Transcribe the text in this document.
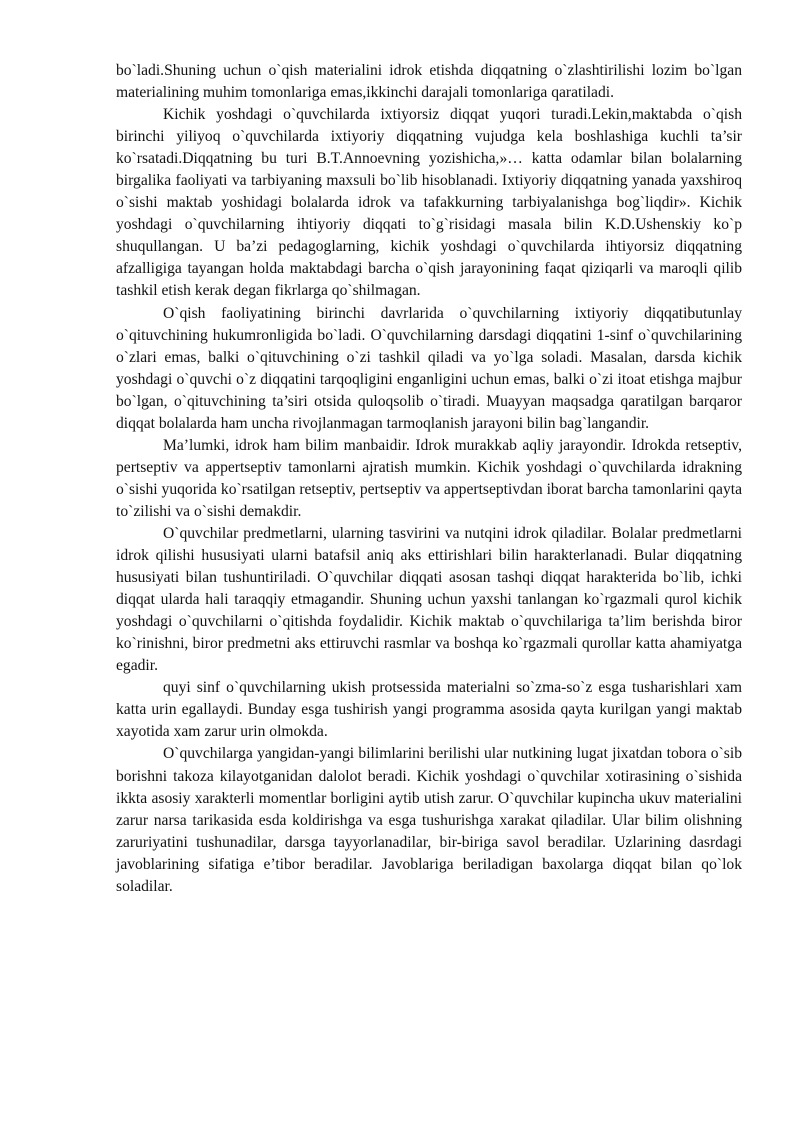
bo`ladi.Shuning uchun o`qish materialini idrok etishda diqqatning o`zlashtirilishi lozim bo`lgan materialining muhim tomonlariga emas,ikkinchi darajali tomonlariga qaratiladi.

Kichik yoshdagi o`quvchilarda ixtiyorsiz diqqat yuqori turadi.Lekin,maktabda o`qish birinchi yiliyoq o`quvchilarda ixtiyoriy diqqatning vujudga kela boshlashiga kuchli ta’sir ko`rsatadi.Diqqatning bu turi B.T.Annoevning yozishicha,»… katta odamlar bilan bolalarning birgalika faoliyati va tarbiyaning maxsuli bo`lib hisoblanadi. Ixtiyoriy diqqatning yanada yaxshiroq o`sishi maktab yoshidagi bolalarda idrok va tafakkurning tarbiyalanishga bog`liqdir». Kichik yoshdagi o`quvchilarning ihtiyoriy diqqati to`g`risidagi masala bilin K.D.Ushenskiy ko`p shuqullangan. U ba’zi pedagoglarning, kichik yoshdagi o`quvchilarda ihtiyorsiz diqqatning afzalligiga tayangan holda maktabdagi barcha o`qish jarayonining faqat qiziqarli va maroqli qilib tashkil etish kerak degan fikrlarga qo`shilmagan.

O`qish faoliyatining birinchi davrlarida o`quvchilarning ixtiyoriy diqqatibutunlay o`qituvchining hukumronligida bo`ladi. O`quvchilarning darsdagi diqqatini 1-sinf o`quvchilarining o`zlari emas, balki o`qituvchining o`zi tashkil qiladi va yo`lga soladi. Masalan, darsda kichik yoshdagi o`quvchi o`z diqqatini tarqoqligini enganligini uchun emas, balki o`zi itoat etishga majbur bo`lgan, o`qituvchining ta’siri otsida quloqsolib o`tiradi. Muayyan maqsadga qaratilgan barqaror diqqat bolalarda ham uncha rivojlanmagan tarmoqlanish jarayoni bilin bag`langandir.

Ma’lumki, idrok ham bilim manbaidir. Idrok murakkab aqliy jarayondir. Idrokda retseptiv, pertseptiv va appertseptiv tamonlarni ajratish mumkin. Kichik yoshdagi o`quvchilarda idrakning o`sishi yuqorida ko`rsatilgan retseptiv, pertseptiv va appertseptivdan iborat barcha tamonlarini qayta to`zilishi va o`sishi demakdir.

O`quvchilar predmetlarni, ularning tasvirini va nutqini idrok qiladilar. Bolalar predmetlarni idrok qilishi hususiyati ularni batafsil aniq aks ettirishlari bilin harakterlanadi. Bular diqqatning hususiyati bilan tushuntiriladi. O`quvchilar diqqati asosan tashqi diqqat harakterida bo`lib, ichki diqqat ularda hali taraqqiy etmagandir. Shuning uchun yaxshi tanlangan ko`rgazmali qurol kichik yoshdagi o`quvchilarni o`qitishda foydalidir. Kichik maktab o`quvchilariga ta’lim berishda biror ko`rinishni, biror predmetni aks ettiruvchi rasmlar va boshqa ko`rgazmali qurollar katta ahamiyatga egadir.

quyi sinf o`quvchilarning ukish protsessida materialni so`zma-so`z esga tusharishlari xam katta urin egallaydi. Bunday esga tushirish yangi programma asosida qayta kurilgan yangi maktab xayotida xam zarur urin olmokda.

O`quvchilarga yangidan-yangi bilimlarini berilishi ular nutkining lugat jixatdan tobora o`sib borishni takoza kilayotganidan dalolot beradi. Kichik yoshdagi o`quvchilar xotirasining o`sishida ikkta asosiy xarakterli momentlar borligini aytib utish zarur. O`quvchilar kupincha ukuv materialini zarur narsa tarikasida esda koldirishga va esga tushurishga xarakat qiladilar. Ular bilim olishning zaruriyatini tushunadilar, darsga tayyorlanadilar, bir-biriga savol beradilar. Uzlarining dasrdagi javoblarining sifatiga e’tibor beradilar. Javoblariga beriladigan baxolarga diqqat bilan qo`lok soladilar.
